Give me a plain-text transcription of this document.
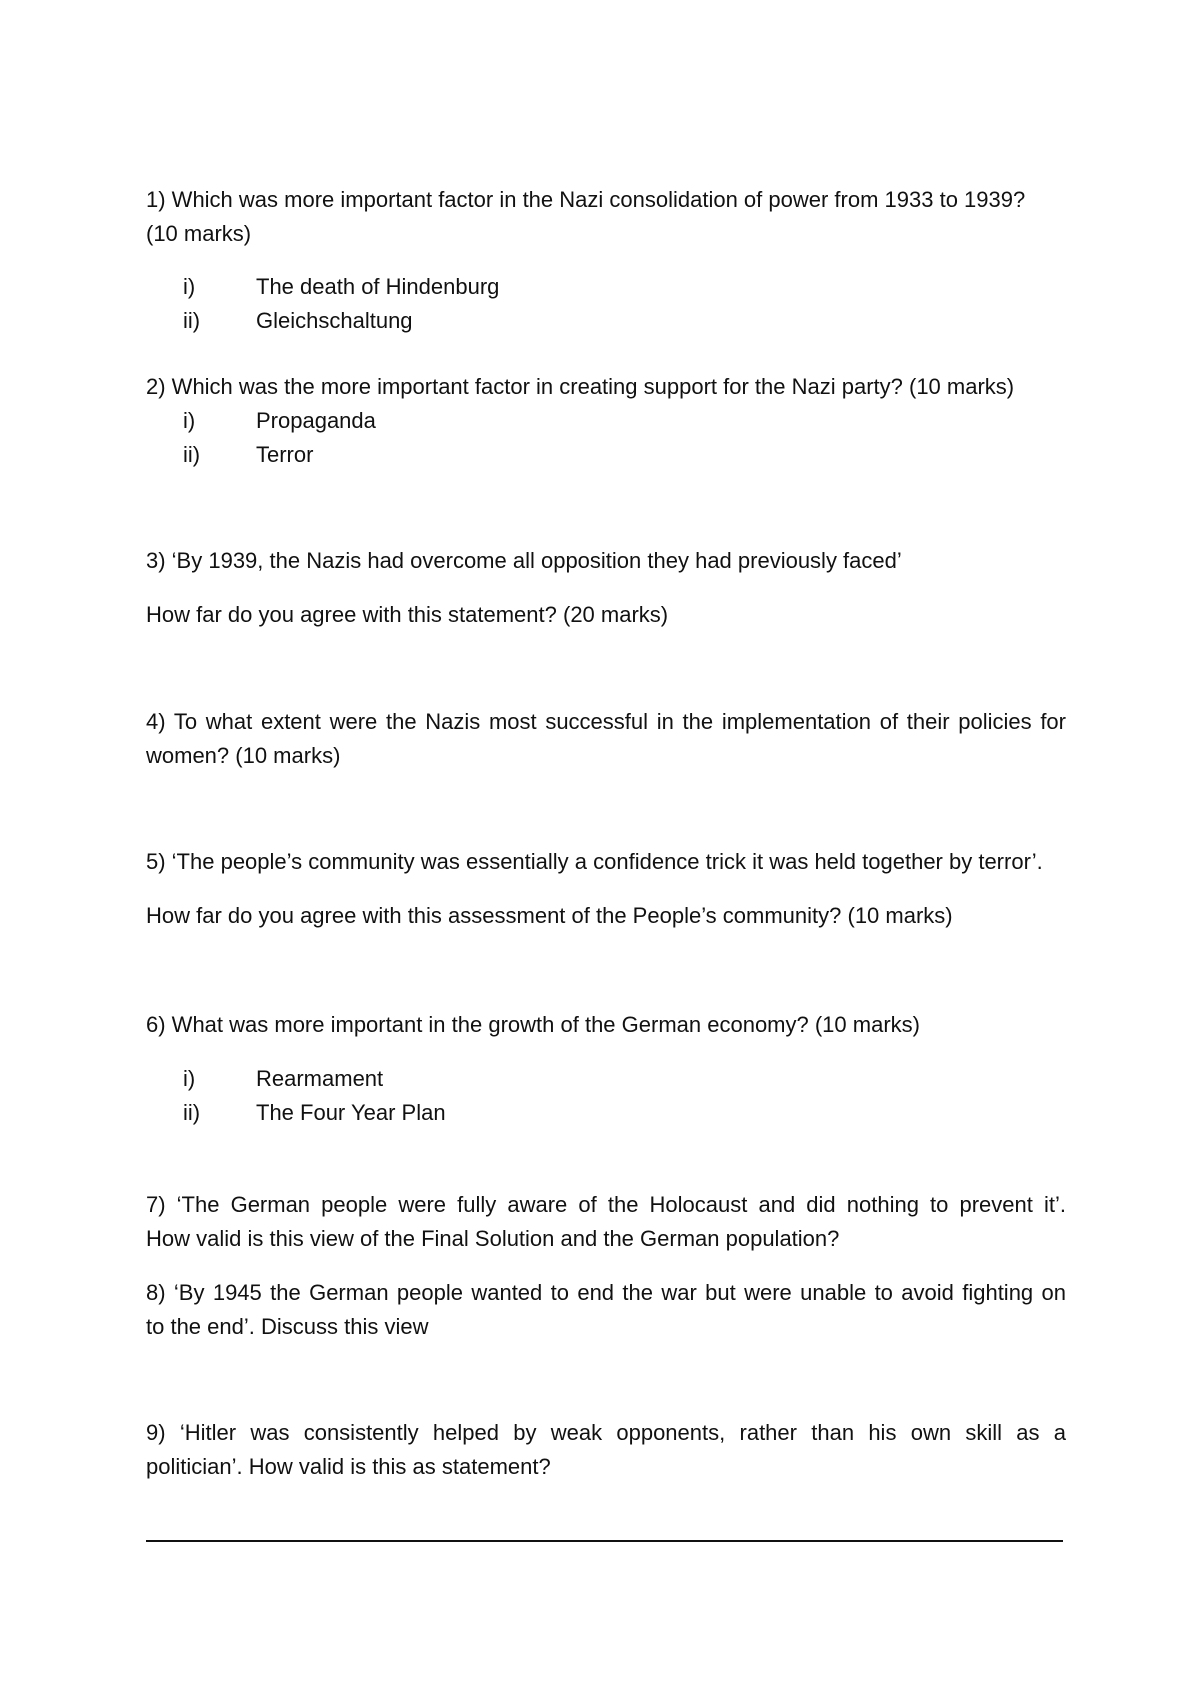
1) Which was more important factor in the Nazi consolidation of power from 1933 to 1939?
(10 marks)
i)	The death of Hindenburg
ii)	Gleichschaltung
2) Which was the more important factor in creating support for the Nazi party? (10 marks)
i)	Propaganda
ii)	Terror
3) ‘By 1939, the Nazis had overcome all opposition they had previously faced’
How far do you agree with this statement? (20 marks)
4) To what extent were the Nazis most successful in the implementation of their policies for
women? (10 marks)
5) ‘The people’s community was essentially a confidence trick it was held together by terror’.
How far do you agree with this assessment of the People’s community? (10 marks)
6) What was more important in the growth of the German economy? (10 marks)
i)	Rearmament
ii)	The Four Year Plan
7) ‘The German people were fully aware of the Holocaust and did nothing to prevent it’.
How valid is this view of the Final Solution and the German population?
8) ‘By 1945 the German people wanted to end the war but were unable to avoid fighting on
to the end’. Discuss this view
9) ‘Hitler was consistently helped by weak opponents, rather than his own skill as a
politician’. How valid is this as statement?
